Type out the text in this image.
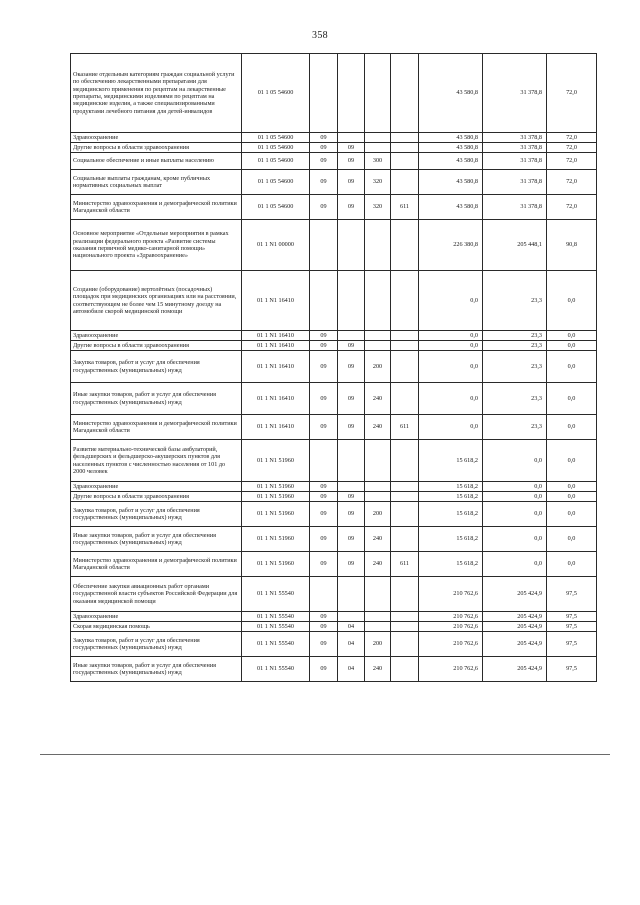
358
Оказание отдельным категориям граждан социальной услуги по обеспечению лекарственными препаратами для медицинского применения по рецептам на лекарственные препараты, медицинскими изделиями по рецептам на медицинские изделия, а также специализированными продуктами лечебного питания для детей-инвалидов	01 1 05 54600					43 580,8	31 378,8	72,0
Здравоохранение	01 1 05 54600	09				43 580,8	31 378,8	72,0
Другие вопросы в области здравоохранения	01 1 05 54600	09	09			43 580,8	31 378,8	72,0
Социальное обеспечение и иные выплаты населению	01 1 05 54600	09	09	300		43 580,8	31 378,8	72,0
Социальные выплаты гражданам, кроме публичных нормативных социальных выплат	01 1 05 54600	09	09	320		43 580,8	31 378,8	72,0
Министерство здравоохранения и демографической политики Магаданской области	01 1 05 54600	09	09	320	611	43 580,8	31 378,8	72,0
Основное мероприятие «Отдельные мероприятия в рамках реализации федерального проекта «Развитие системы оказания первичной медико-санитарной помощи» национального проекта «Здравоохранение»	01 1 N1 00000					226 380,8	205 448,1	90,8
Создание (оборудование) вертолётных (посадочных) площадок при медицинских организациях или на расстоянии, соответствующем не более чем 15 минутному доезду на автомобиле скорой медицинской помощи	01 1 N1 16410					0,0	23,3	0,0
Здравоохранение	01 1 N1 16410	09				0,0	23,3	0,0
Другие вопросы в области здравоохранения	01 1 N1 16410	09	09			0,0	23,3	0,0
Закупка товаров, работ и услуг для обеспечения государственных (муниципальных) нужд	01 1 N1 16410	09	09	200		0,0	23,3	0,0
Иные закупки товаров, работ и услуг для обеспечения государственных (муниципальных) нужд	01 1 N1 16410	09	09	240		0,0	23,3	0,0
Министерство здравоохранения и демографической политики Магаданской области	01 1 N1 16410	09	09	240	611	0,0	23,3	0,0
Развитие материально-технической базы амбулаторий, фельдшерских и фельдшерско-акушерских пунктов для населенных пунктов с численностью населения от 101 до 2000 человек	01 1 N1 51960					15 618,2	0,0	0,0
Здравоохранение	01 1 N1 51960	09				15 618,2	0,0	0,0
Другие вопросы в области здравоохранения	01 1 N1 51960	09	09			15 618,2	0,0	0,0
Закупка товаров, работ и услуг для обеспечения государственных (муниципальных) нужд	01 1 N1 51960	09	09	200		15 618,2	0,0	0,0
Иные закупки товаров, работ и услуг для обеспечения государственных (муниципальных) нужд	01 1 N1 51960	09	09	240		15 618,2	0,0	0,0
Министерство здравоохранения и демографической политики Магаданской области	01 1 N1 51960	09	09	240	611	15 618,2	0,0	0,0
Обеспечение закупки авиационных работ органами государственной власти субъектов Российской Федерации для оказания медицинской помощи	01 1 N1 55540					210 762,6	205 424,9	97,5
Здравоохранение	01 1 N1 55540	09				210 762,6	205 424,9	97,5
Скорая медицинская помощь	01 1 N1 55540	09	04			210 762,6	205 424,9	97,5
Закупка товаров, работ и услуг для обеспечения государственных (муниципальных) нужд	01 1 N1 55540	09	04	200		210 762,6	205 424,9	97,5
Иные закупки товаров, работ и услуг для обеспечения государственных (муниципальных) нужд	01 1 N1 55540	09	04	240		210 762,6	205 424,9	97,5
